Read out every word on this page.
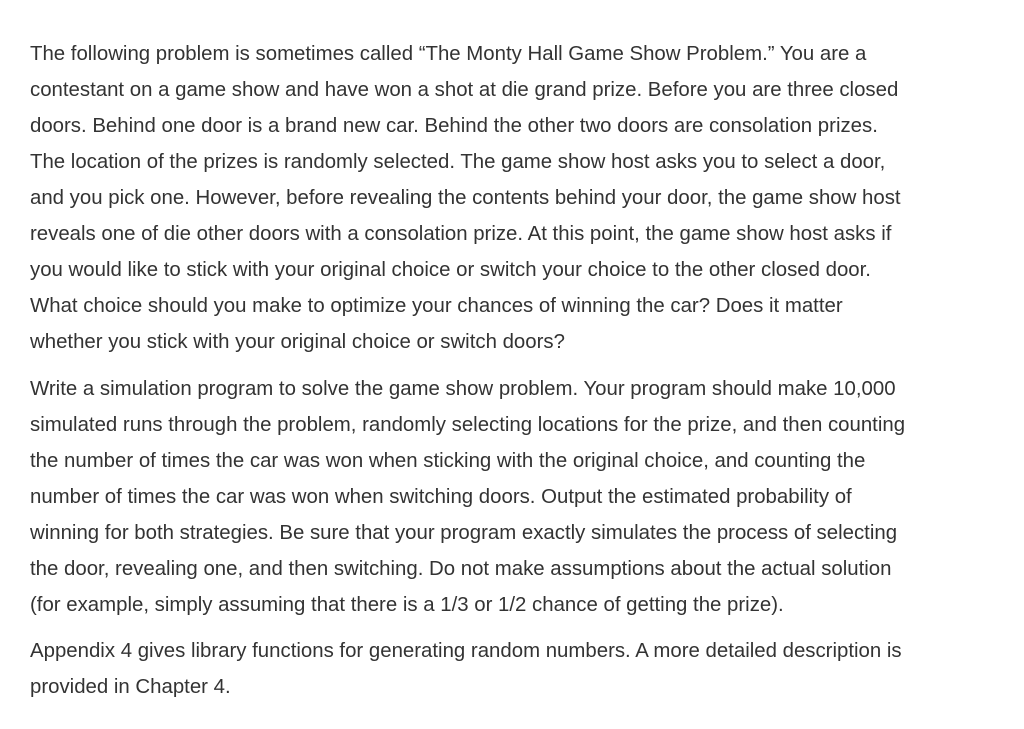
The following problem is sometimes called “The Monty Hall Game Show Problem.” You are a
contestant on a game show and have won a shot at die grand prize. Before you are three closed
doors. Behind one door is a brand new car. Behind the other two doors are consolation prizes.
The location of the prizes is randomly selected. The game show host asks you to select a door,
and you pick one. However, before revealing the contents behind your door, the game show host
reveals one of die other doors with a consolation prize. At this point, the game show host asks if
you would like to stick with your original choice or switch your choice to the other closed door.
What choice should you make to optimize your chances of winning the car? Does it matter
whether you stick with your original choice or switch doors?

Write a simulation program to solve the game show problem. Your program should make 10,000
simulated runs through the problem, randomly selecting locations for the prize, and then counting
the number of times the car was won when sticking with the original choice, and counting the
number of times the car was won when switching doors. Output the estimated probability of
winning for both strategies. Be sure that your program exactly simulates the process of selecting
the door, revealing one, and then switching. Do not make assumptions about the actual solution
(for example, simply assuming that there is a 1/3 or 1/2 chance of getting the prize).

Appendix 4 gives library functions for generating random numbers. A more detailed description is
provided in Chapter 4.
